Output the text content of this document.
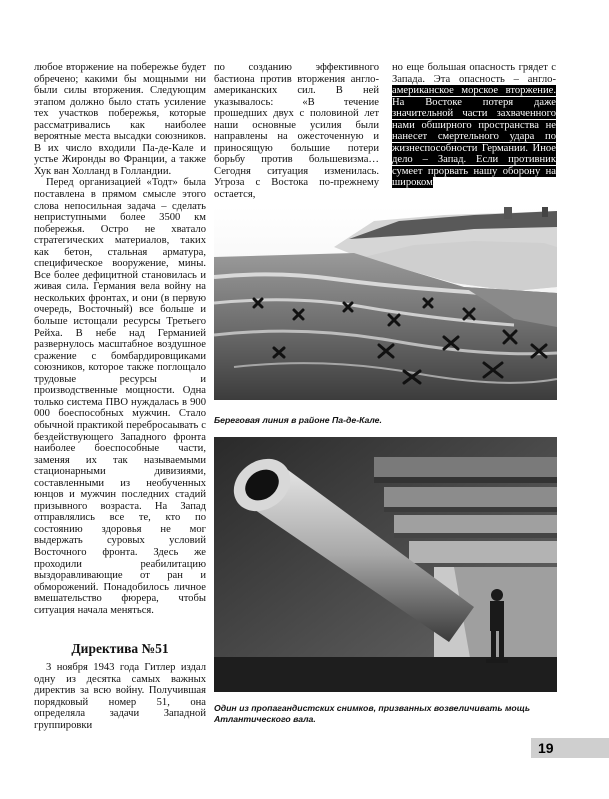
любое вторжение на побережье будет обречено; какими бы мощными ни были силы вторжения. Следующим этапом должно было стать усиление тех участков побережья, которые рассматривались как наиболее вероятные места высадки союзников. В их число входили Па-де-Кале и устье Жиронды во Франции, а также Хук ван Холланд в Голландии.

Перед организацией «Тодт» была поставлена в прямом смысле этого слова непосильная задача – сделать неприступными более 3500 км побережья. Остро не хватало стратегических материалов, таких как бетон, стальная арматура, специфическое вооружение, мины. Все более дефицитной становилась и живая сила. Германия вела войну на нескольких фронтах, и они (в первую очередь, Восточный) все больше и больше истощали ресурсы Третьего Рейха. В небе над Германией развернулось масштабное воздушное сражение с бомбардировщиками союзников, которое также поглощало трудовые ресурсы и производственные мощности. Одна только система ПВО нуждалась в 900 000 боеспособных мужчин. Стало обычной практикой перебросаывать с бездействующего Западного фронта наиболее боеспособные части, заменяя их так называемыми стационарными дивизиями, составленными из необученных юнцов и мужчин последних стадий призывного возраста. На Запад отправлялись все те, кто по состоянию здоровья не мог выдержать суровых условий Восточного фронта. Здесь же проходили реабилитацию выздоравливающие от ран и обморожений. Понадобилось личное вмешательство фюрера, чтобы ситуация начала меняться.

Директива №51

3 ноября 1943 года Гитлер издал одну из десятка самых важных директив за всю войну. Получившая порядковый номер 51, она определяла задачи Западной группировки

по созданию эффективного бастиона против вторжения англо-американских сил. В ней указывалось: «В течение прошедших двух с половиной лет наши основные усилия были направлены на ожесточенную и приносящую большие потери борьбу против большевизма… Сегодня ситуация изменилась. Угроза с Востока по-прежнему остается,

но еще большая опасность грядет с Запада. Эта опасность – англо-американское морское вторжение. На Востоке потеря даже значительной части захваченного нами обширного пространства не нанесет смертельного удара по жизнеспособности Германии. Иное дело – Запад. Если противник сумеет прорвать нашу оборону на широком

Береговая линия в районе Па-де-Кале.
Один из пропагандистских снимков, призванных возвеличивать мощь Атлантического вала.
19
